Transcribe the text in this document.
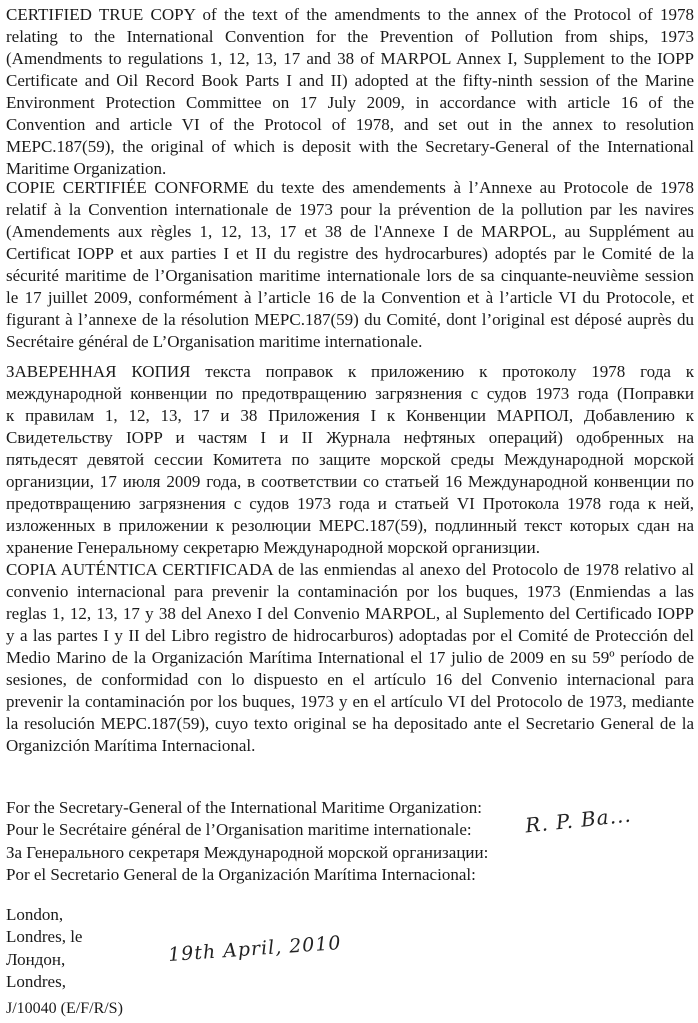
CERTIFIED TRUE COPY of the text of the amendments to the annex of the Protocol of 1978
relating to the International Convention for the Prevention of Pollution from ships, 1973
(Amendments to regulations 1, 12, 13, 17 and 38 of MARPOL Annex I, Supplement to the IOPP
Certificate and Oil Record Book Parts I and II) adopted at the fifty-ninth session of the Marine
Environment Protection Committee on 17 July 2009, in accordance with article 16 of the
Convention and article VI of the Protocol of 1978, and set out in the annex to resolution
MEPC.187(59), the original of which is deposit with the Secretary-General of the International
Maritime Organization.
COPIE CERTIFIÉE CONFORME du texte des amendements à l’Annexe au Protocole de 1978
relatif à la Convention internationale de 1973 pour la prévention de la pollution par les navires
(Amendements aux règles 1, 12, 13, 17 et 38 de l'Annexe I de MARPOL, au Supplément au
Certificat IOPP et aux parties I et II du registre des hydrocarbures) adoptés par le Comité de la
sécurité maritime de l’Organisation maritime internationale lors de sa cinquante-neuvième session
le 17 juillet 2009, conformément à l’article 16 de la Convention et à l’article VI du Protocole, et
figurant à l’annexe de la résolution MEPC.187(59) du Comité, dont l’original est déposé auprès du
Secrétaire général de L’Organisation maritime internationale.
ЗАВЕРЕННАЯ КОПИЯ текста поправок к приложению к протоколу 1978 года к
международной конвенции по предотвращению загрязнения с судов 1973 года (Поправки
к правилам 1, 12, 13, 17 и 38 Приложения I к Конвенции МАРПОЛ, Добавлению к
Свидетельству IOPP и частям I и II Журнала нефтяных операций) одобренных на
пятьдесят девятой сессии Комитета по защите морской среды Международной морской
организции, 17 июля 2009 года, в соответствии со статьей 16 Международной конвенции по
предотвращению загрязнения с судов 1973 года и статьей VI Протокола 1978 года к ней,
изложенных в приложении к резолюции MEPC.187(59), подлинный текст которых сдан на
хранение Генеральному секретарю Международной морской организции.
COPIA AUTÉNTICA CERTIFICADA de las enmiendas al anexo del Protocolo de 1978 relativo al
convenio internacional para prevenir la contaminación por los buques, 1973 (Enmiendas a las
reglas 1, 12, 13, 17 y 38 del Anexo I del Convenio MARPOL, al Suplemento del Certificado IOPP
y a las partes I y II del Libro registro de hidrocarburos) adoptadas por el Comité de Protección del
Medio Marino de la Organización Marítima International el 17 julio de 2009 en su 59º período de
sesiones, de conformidad con lo dispuesto en el artículo 16 del Convenio internacional para
prevenir la contaminación por los buques, 1973 y en el artículo VI del Protocolo de 1973, mediante
la resolución MEPC.187(59), cuyo texto original se ha depositado ante el Secretario General de la
Organizción Marítima Internacional.
For the Secretary-General of the International Maritime Organization:
Pour le Secrétaire général de l’Organisation maritime internationale:
За Генерального секретаря Международной морской организации:
Por el Secretario General de la Organización Marítima Internacional:
R. P. Ba...
London,
Londres, le
Лондон,
Londres,
19th April, 2010
J/10040 (E/F/R/S)
